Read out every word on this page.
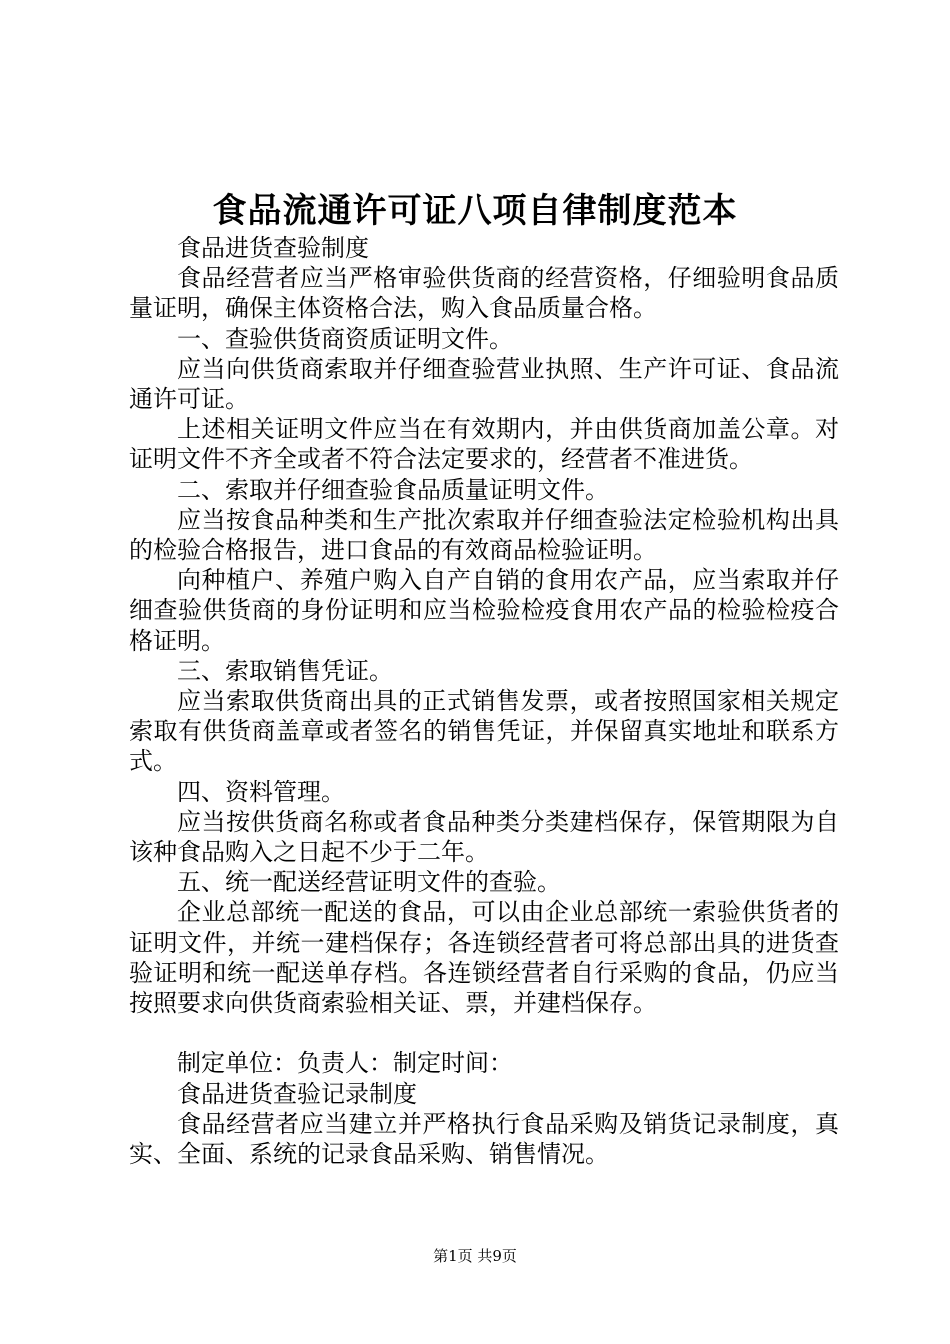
食品流通许可证八项自律制度范本

食品进货查验制度

食品经营者应当严格审验供货商的经营资格，仔细验明食品质量证明，确保主体资格合法，购入食品质量合格。

一、查验供货商资质证明文件。

应当向供货商索取并仔细查验营业执照、生产许可证、食品流通许可证。

上述相关证明文件应当在有效期内，并由供货商加盖公章。对证明文件不齐全或者不符合法定要求的，经营者不准进货。

二、索取并仔细查验食品质量证明文件。

应当按食品种类和生产批次索取并仔细查验法定检验机构出具的检验合格报告，进口食品的有效商品检验证明。

向种植户、养殖户购入自产自销的食用农产品，应当索取并仔细查验供货商的身份证明和应当检验检疫食用农产品的检验检疫合格证明。

三、索取销售凭证。

应当索取供货商出具的正式销售发票，或者按照国家相关规定索取有供货商盖章或者签名的销售凭证，并保留真实地址和联系方式。

四、资料管理。

应当按供货商名称或者食品种类分类建档保存，保管期限为自该种食品购入之日起不少于二年。

五、统一配送经营证明文件的查验。

企业总部统一配送的食品，可以由企业总部统一索验供货者的证明文件，并统一建档保存；各连锁经营者可将总部出具的进货查验证明和统一配送单存档。各连锁经营者自行采购的食品，仍应当按照要求向供货商索验相关证、票，并建档保存。

制定单位：负责人：制定时间：

食品进货查验记录制度

食品经营者应当建立并严格执行食品采购及销货记录制度，真实、全面、系统的记录食品采购、销售情况。

第1页 共9页
